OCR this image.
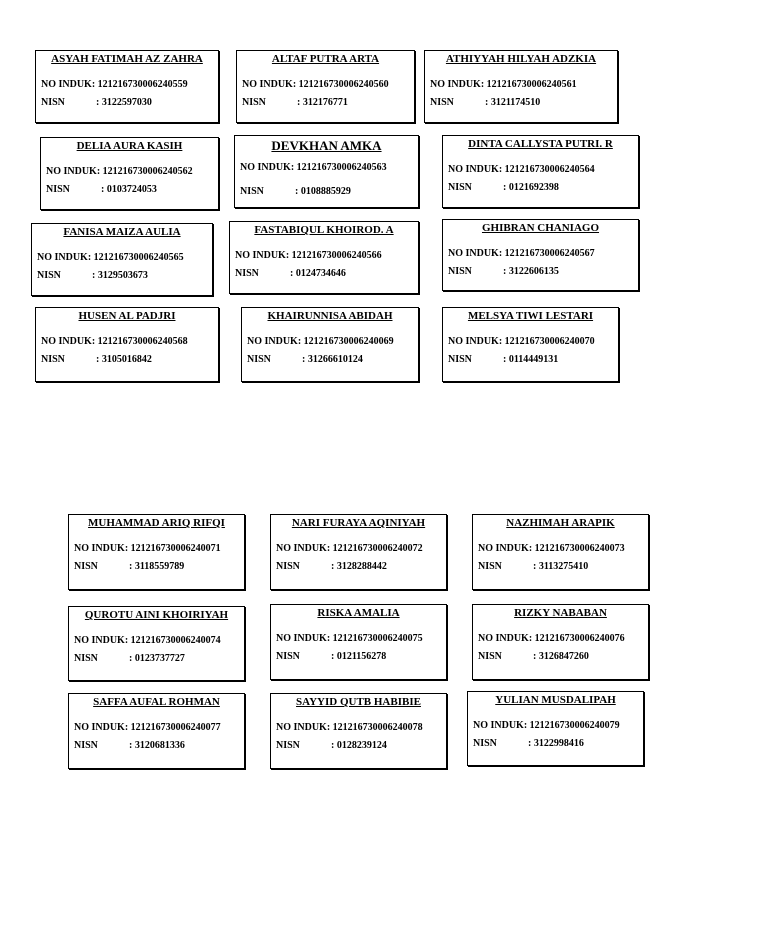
ASYAH FATIMAH AZ ZAHRA
NO INDUK: 121216730006240559
NISN	: 3122597030
ALTAF PUTRA ARTA
NO INDUK: 121216730006240560
NISN	: 312176771
ATHIYYAH HILYAH ADZKIA
NO INDUK: 121216730006240561
NISN	: 3121174510
DELIA AURA KASIH
NO INDUK: 121216730006240562
NISN	: 0103724053
DEVKHAN AMKA
NO INDUK: 121216730006240563
NISN	: 0108885929
DINTA CALLYSTA PUTRI. R
NO INDUK: 121216730006240564
NISN	: 0121692398
FANISA MAIZA AULIA
NO INDUK: 121216730006240565
NISN	: 3129503673
FASTABIQUL KHOIROD. A
NO INDUK: 121216730006240566
NISN	: 0124734646
GHIBRAN CHANIAGO
NO INDUK: 121216730006240567
NISN	: 3122606135
HUSEN AL PADJRI
NO INDUK: 121216730006240568
NISN	: 3105016842
KHAIRUNNISA ABIDAH
NO INDUK: 121216730006240069
NISN	: 31266610124
MELSYA TIWI LESTARI
NO INDUK: 121216730006240070
NISN	: 0114449131
MUHAMMAD ARIQ RIFQI
NO INDUK: 121216730006240071
NISN	: 3118559789
NARI FURAYA AQINIYAH
NO INDUK: 121216730006240072
NISN	: 3128288442
NAZHIMAH ARAPIK
NO INDUK: 121216730006240073
NISN	: 3113275410
QUROTU AINI KHOIRIYAH
NO INDUK: 121216730006240074
NISN	: 0123737727
RISKA AMALIA
NO INDUK: 121216730006240075
NISN	: 0121156278
RIZKY NABABAN
NO INDUK: 121216730006240076
NISN	: 3126847260
SAFFA AUFAL ROHMAN
NO INDUK: 121216730006240077
NISN	: 3120681336
SAYYID QUTB HABIBIE
NO INDUK: 121216730006240078
NISN	: 0128239124
YULIAN MUSDALIPAH
NO INDUK: 121216730006240079
NISN	: 3122998416
